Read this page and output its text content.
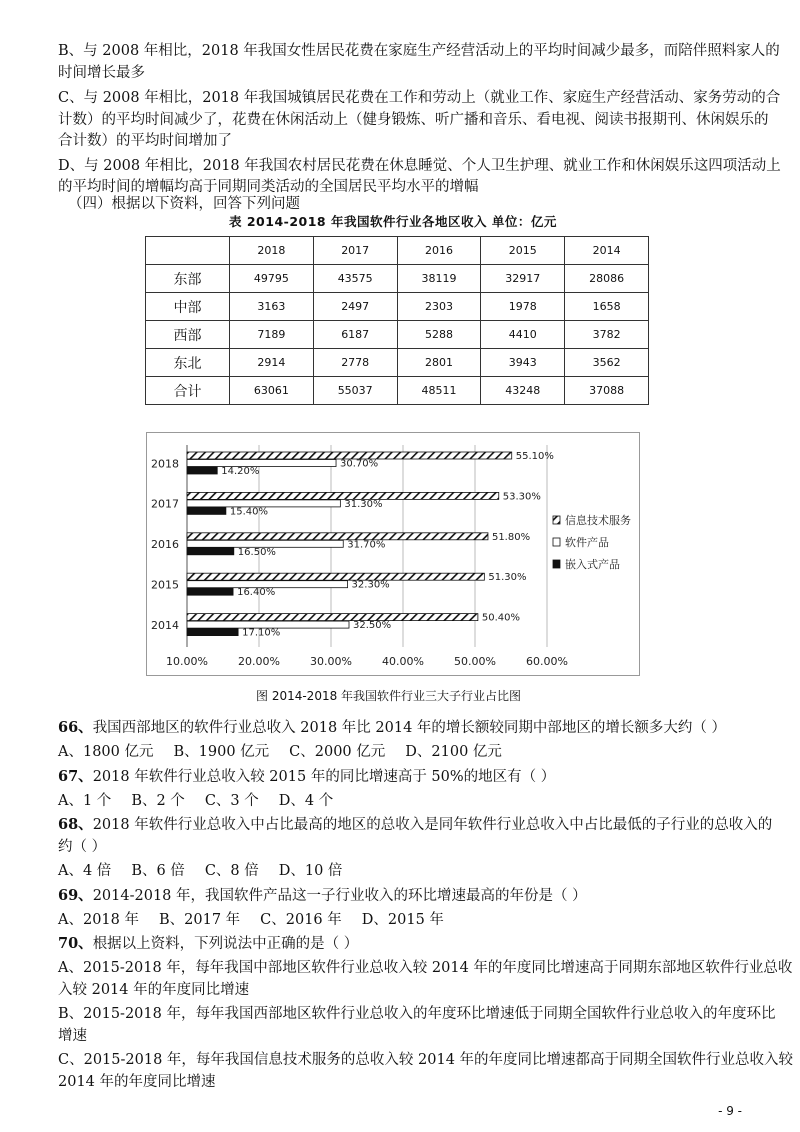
B、与 2008 年相比，2018 年我国女性居民花费在家庭生产经营活动上的平均时间减少最多，而陪伴照料家人的
时间增长最多
C、与 2008 年相比，2018 年我国城镇居民花费在工作和劳动上（就业工作、家庭生产经营活动、家务劳动的合
计数）的平均时间减少了，花费在休闲活动上（健身锻炼、听广播和音乐、看电视、阅读书报期刊、休闲娱乐的
合计数）的平均时间增加了
D、与 2008 年相比，2018 年我国农村居民花费在休息睡觉、个人卫生护理、就业工作和休闲娱乐这四项活动上
的平均时间的增幅均高于同期同类活动的全国居民平均水平的增幅
（四）根据以下资料，回答下列问题
表 2014-2018 年我国软件行业各地区收入 单位：亿元
	2018	2017	2016	2015	2014
东部	49795	43575	38119	32917	28086
中部	3163	2497	2303	1978	1658
西部	7189	6187	5288	4410	3782
东北	2914	2778	2801	3943	3562
合计	63061	55037	48511	43248	37088
10.00%	20.00%	30.00%	40.00%	50.00%	60.00%
2018
55.10%
30.70%
14.20%
2017
53.30%
31.30%
15.40%
2016
51.80%
31.70%
16.50%
2015
51.30%
32.30%
16.40%
2014
50.40%
32.50%
17.10%
信息技术服务
软件产品
嵌入式产品
图 2014-2018 年我国软件行业三大子行业占比图
66、我国西部地区的软件行业总收入 2018 年比 2014 年的增长额较同期中部地区的增长额多大约（ ）
A、1800 亿元 B、1900 亿元 C、2000 亿元 D、2100 亿元
67、2018 年软件行业总收入较 2015 年的同比增速高于 50%的地区有（ ）
A、1 个 B、2 个 C、3 个 D、4 个
68、2018 年软件行业总收入中占比最高的地区的总收入是同年软件行业总收入中占比最低的子行业的总收入的
约（ ）
A、4 倍 B、6 倍 C、8 倍 D、10 倍
69、2014-2018 年，我国软件产品这一子行业收入的环比增速最高的年份是（ ）
A、2018 年 B、2017 年 C、2016 年 D、2015 年
70、根据以上资料，下列说法中正确的是（ ）
A、2015-2018 年，每年我国中部地区软件行业总收入较 2014 年的年度同比增速高于同期东部地区软件行业总收
入较 2014 年的年度同比增速
B、2015-2018 年，每年我国西部地区软件行业总收入的年度环比增速低于同期全国软件行业总收入的年度环比
增速
C、2015-2018 年，每年我国信息技术服务的总收入较 2014 年的年度同比增速都高于同期全国软件行业总收入较
2014 年的年度同比增速
- 9 -
